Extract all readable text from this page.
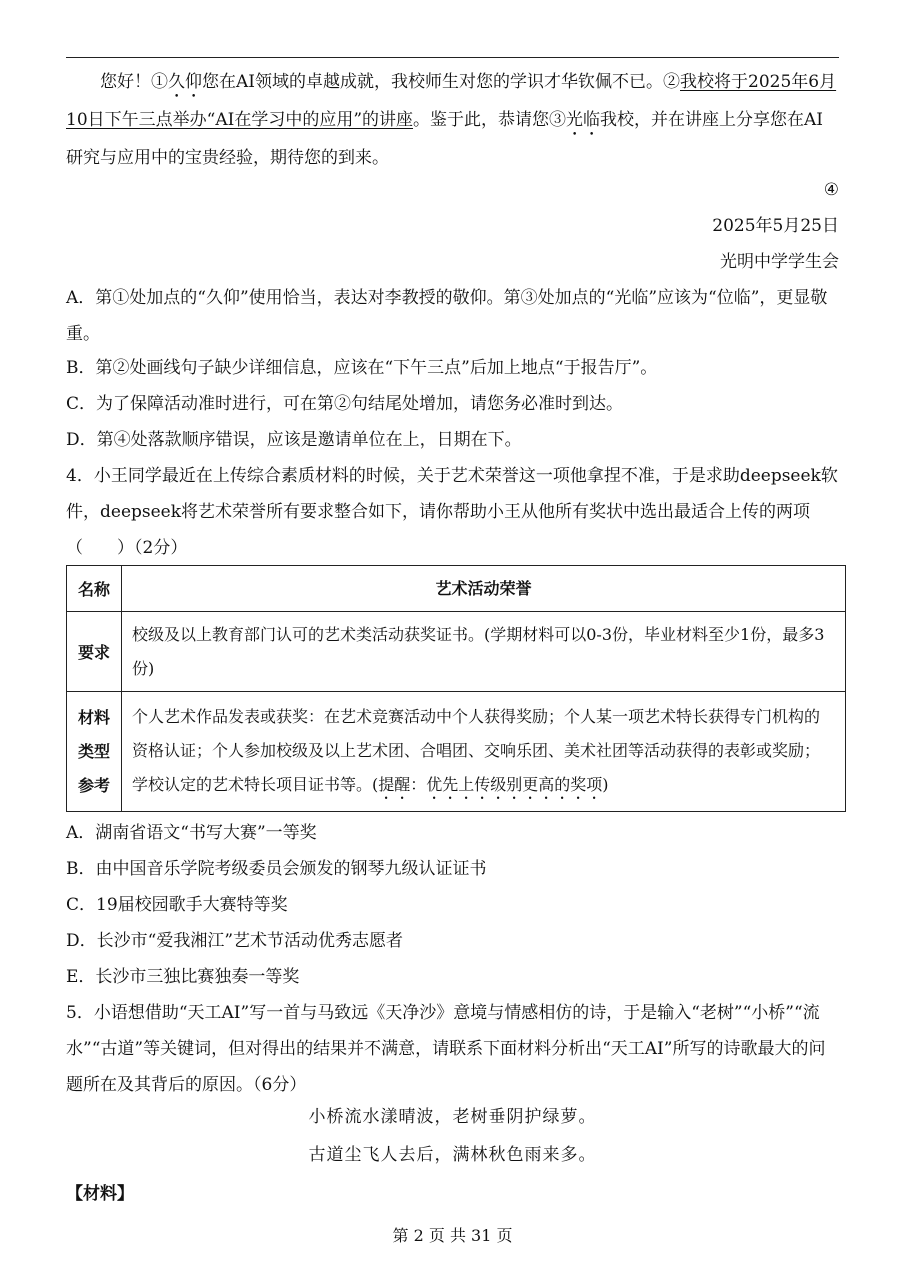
您好！①久仰您在AI领域的卓越成就，我校师生对您的学识才华钦佩不已。②我校将于2025年6月10日下午三点举办“AI在学习中的应用”的讲座。鉴于此，恭请您③光临我校，并在讲座上分享您在AI研究与应用中的宝贵经验，期待您的到来。
④
2025年5月25日
光明中学学生会
A．第①处加点的“久仰”使用恰当，表达对李教授的敬仰。第③处加点的“光临”应该为“位临”，更显敬重。
B．第②处画线句子缺少详细信息，应该在“下午三点”后加上地点“于报告厅”。
C．为了保障活动准时进行，可在第②句结尾处增加，请您务必准时到达。
D．第④处落款顺序错误，应该是邀请单位在上，日期在下。
4．小王同学最近在上传综合素质材料的时候，关于艺术荣誉这一项他拿捏不准，于是求助deepseek软件，deepseek将艺术荣誉所有要求整合如下，请你帮助小王从他所有奖状中选出最适合上传的两项（　　）（2分）
名称	艺术活动荣誉
要求	校级及以上教育部门认可的艺术类活动获奖证书。(学期材料可以0-3份，毕业材料至少1份，最多3份)

材料
类型
参考	个人艺术作品发表或获奖：在艺术竞赛活动中个人获得奖励；个人某一项艺术特长获得专门机构的资格认证；个人参加校级及以上艺术团、合唱团、交响乐团、美术社团等活动获得的表彰或奖励；学校认定的艺术特长项目证书等。(提醒：优先上传级别更高的奖项)
A．湖南省语文“书写大赛”一等奖
B．由中国音乐学院考级委员会颁发的钢琴九级认证证书
C．19届校园歌手大赛特等奖
D．长沙市“爱我湘江”艺术节活动优秀志愿者
E．长沙市三独比赛独奏一等奖
5．小语想借助“天工AI”写一首与马致远《天净沙》意境与情感相仿的诗，于是输入“老树”“小桥”“流水”“古道”等关键词，但对得出的结果并不满意，请联系下面材料分析出“天工AI”所写的诗歌最大的问题所在及其背后的原因。（6分）
小桥流水漾晴波，老树垂阴护绿萝。
古道尘飞人去后，满林秋色雨来多。
【材料】
第 2 页 共 31 页
